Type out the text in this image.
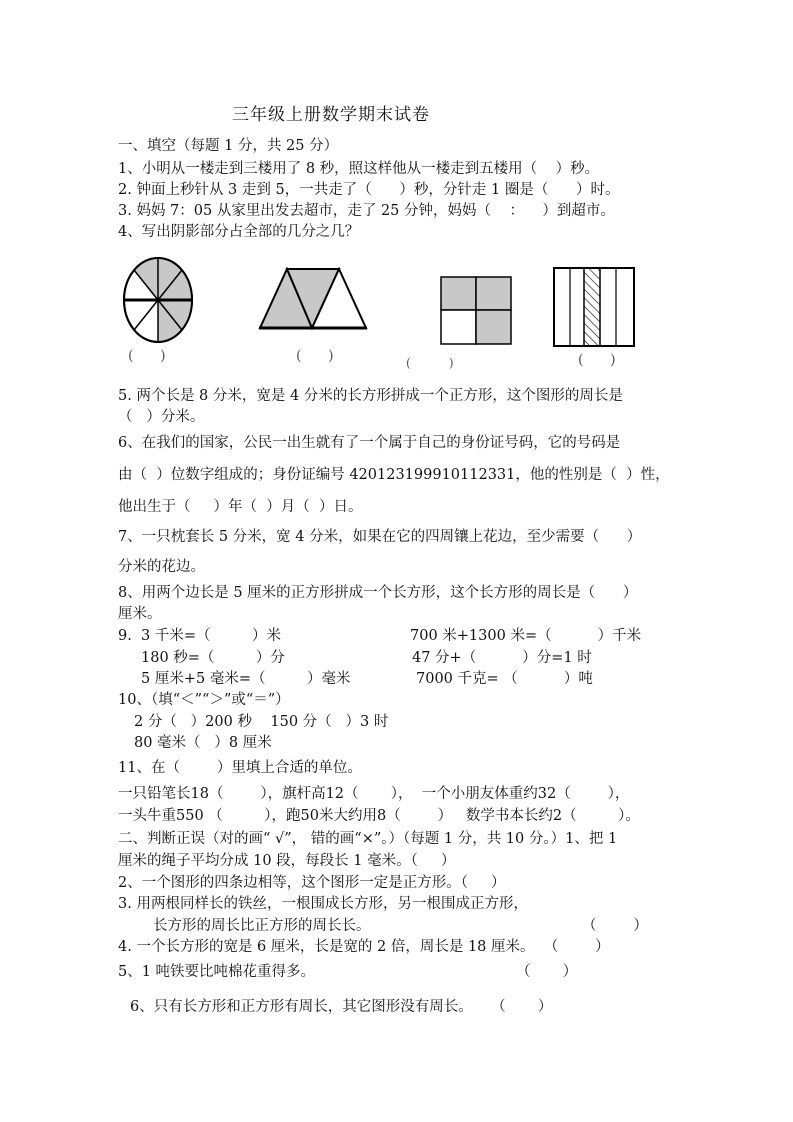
三年级上册数学期末试卷
一、填空（每题 1 分，共 25 分）
1、小明从一楼走到三楼用了 8 秒，照这样他从一楼走到五楼用（    ）秒。
2. 钟面上秒针从 3 走到 5，一共走了（      ）秒，分针走 1 圈是（      ）时。
3. 妈妈 7：05 从家里出发去超市，走了 25 分钟，妈妈（    ：    ）到超市。
4、写出阴影部分占全部的几分之几？
(      )	(      )	(          )	(      )
5. 两个长是 8 分米，宽是 4 分米的长方形拼成一个正方形，这个图形的周长是
（   ）分米。
6、在我们的国家，公民一出生就有了一个属于自己的身份证号码，它的号码是
由（  ）位数字组成的；身份证编号 420123199910112331，他的性别是（  ）性，
他出生于（     ）年（  ）月（  ）日。
7、一只枕套长 5 分米，宽 4 分米，如果在它的四周镶上花边，至少需要（      ）
分米的花边。
8、用两个边长是 5 厘米的正方形拼成一个长方形，这个长方形的周长是（      ）
厘米。
9.  3 千米=（         ）米	700 米+1300 米=（          ）千米
180 秒=（         ）分	47 分+（          ）分=1 时
5 厘米+5 毫米=（         ）毫米	7000 千克= （          ）吨
10、（填“＜”“＞”或“＝”）
2 分（   ）200 秒    150 分（   ）3 时
80 毫米（   ）8 厘米
11、在（        ）里填上合适的单位。
一只铅笔长18（        ），旗杆高12（       ），  一个小朋友体重约32（        ），
一头牛重550 （         ），跑50米大约用8（        ）   数学书本长约2（         ）。
二、判断正误（对的画“ √”， 错的画“×”。）（每题 1 分，共 10 分。）1、把 1
厘米的绳子平均分成 10 段，每段长 1 毫米。（     ）
2、一个图形的四条边相等，这个图形一定是正方形。（     ）
3. 用两根同样长的铁丝，一根围成长方形，另一根围成正方形，
长方形的周长比正方形的周长长。	（        ）
4. 一个长方形的宽是 6 厘米，长是宽的 2 倍，周长是 18 厘米。  （        ）
5、1 吨铁要比吨棉花重得多。	（       ）
6、只有长方形和正方形有周长，其它图形没有周长。    （       ）
